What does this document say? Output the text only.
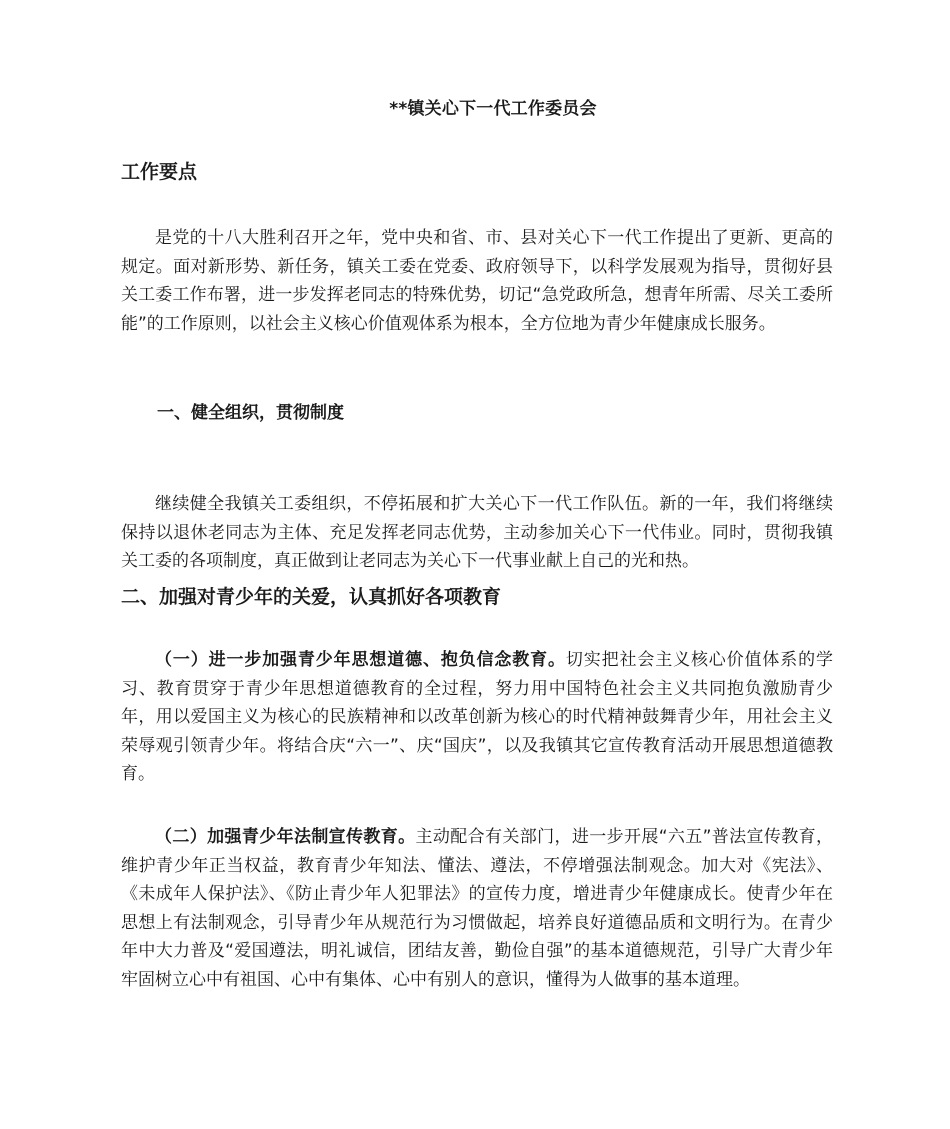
**镇关心下一代工作委员会
工作要点
是党的十八大胜利召开之年，党中央和省、市、县对关心下一代工作提出了更新、更高的规定。面对新形势、新任务，镇关工委在党委、政府领导下，以科学发展观为指导，贯彻好县关工委工作布署，进一步发挥老同志的特殊优势，切记“急党政所急，想青年所需、尽关工委所能”的工作原则，以社会主义核心价值观体系为根本，全方位地为青少年健康成长服务。
一、健全组织，贯彻制度
继续健全我镇关工委组织，不停拓展和扩大关心下一代工作队伍。新的一年，我们将继续保持以退休老同志为主体、充足发挥老同志优势，主动参加关心下一代伟业。同时，贯彻我镇关工委的各项制度，真正做到让老同志为关心下一代事业献上自己的光和热。
二、加强对青少年的关爱，认真抓好各项教育
（一）进一步加强青少年思想道德、抱负信念教育。切实把社会主义核心价值体系的学习、教育贯穿于青少年思想道德教育的全过程，努力用中国特色社会主义共同抱负激励青少年，用以爱国主义为核心的民族精神和以改革创新为核心的时代精神鼓舞青少年，用社会主义荣辱观引领青少年。将结合庆“六一”、庆“国庆”，以及我镇其它宣传教育活动开展思想道德教育。
（二）加强青少年法制宣传教育。主动配合有关部门，进一步开展“六五”普法宣传教育，维护青少年正当权益，教育青少年知法、懂法、遵法，不停增强法制观念。加大对《宪法》、《未成年人保护法》、《防止青少年人犯罪法》的宣传力度，增进青少年健康成长。使青少年在思想上有法制观念，引导青少年从规范行为习惯做起，培养良好道德品质和文明行为。在青少年中大力普及“爱国遵法，明礼诚信，团结友善，勤俭自强”的基本道德规范，引导广大青少年牢固树立心中有祖国、心中有集体、心中有别人的意识，懂得为人做事的基本道理。
